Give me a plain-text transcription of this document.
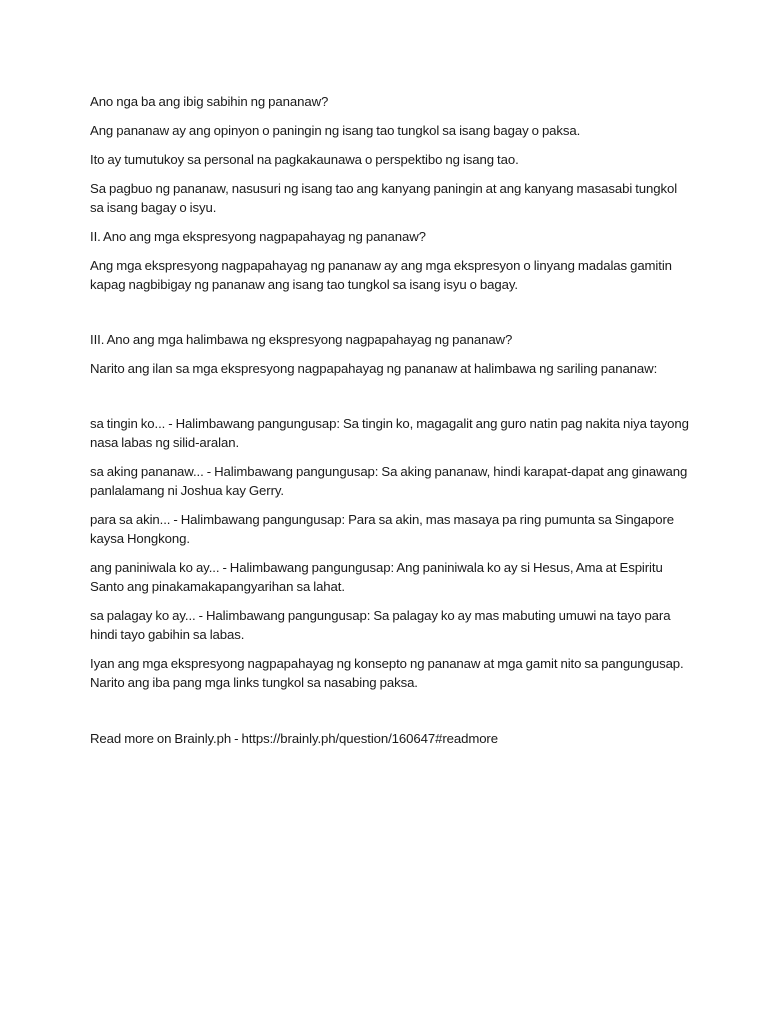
Ano nga ba ang ibig sabihin ng pananaw?

Ang pananaw ay ang opinyon o paningin ng isang tao tungkol sa isang bagay o paksa.

Ito ay tumutukoy sa personal na pagkakaunawa o perspektibo ng isang tao.

Sa pagbuo ng pananaw, nasusuri ng isang tao ang kanyang paningin at ang kanyang masasabi tungkol sa isang bagay o isyu.

II. Ano ang mga ekspresyong nagpapahayag ng pananaw?

Ang mga ekspresyong nagpapahayag ng pananaw ay ang mga ekspresyon o linyang madalas gamitin kapag nagbibigay ng pananaw ang isang tao tungkol sa isang isyu o bagay.

III. Ano ang mga halimbawa ng ekspresyong nagpapahayag ng pananaw?

Narito ang ilan sa mga ekspresyong nagpapahayag ng pananaw at halimbawa ng sariling pananaw:

sa tingin ko... - Halimbawang pangungusap: Sa tingin ko, magagalit ang guro natin pag nakita niya tayong nasa labas ng silid-aralan.

sa aking pananaw... - Halimbawang pangungusap: Sa aking pananaw, hindi karapat-dapat ang ginawang panlalamang ni Joshua kay Gerry.

para sa akin... - Halimbawang pangungusap: Para sa akin, mas masaya pa ring pumunta sa Singapore kaysa Hongkong.

ang paniniwala ko ay... - Halimbawang pangungusap: Ang paniniwala ko ay si Hesus, Ama at Espiritu Santo ang pinakamakapangyarihan sa lahat.

sa palagay ko ay... - Halimbawang pangungusap: Sa palagay ko ay mas mabuting umuwi na tayo para hindi tayo gabihin sa labas.

Iyan ang mga ekspresyong nagpapahayag ng konsepto ng pananaw at mga gamit nito sa pangungusap. Narito ang iba pang mga links tungkol sa nasabing paksa.

Read more on Brainly.ph - https://brainly.ph/question/160647#readmore
